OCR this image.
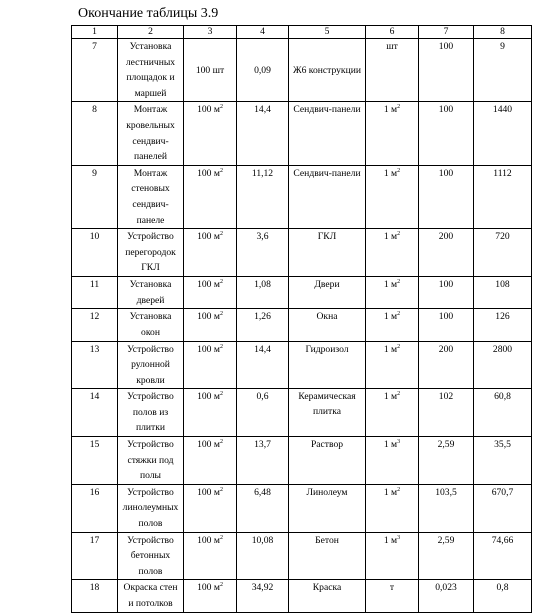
Окончание таблицы 3.9
1	2	3	4	5	6	7	8
7	Установка
лестничных
площадок и
маршей	100 шт	0,09	Ж6 конструкции	шт	100	9
8	Монтаж
кровельных
сендвич-
панелей	100 $м^2$	14,4	Сендвич-панели	1 $м^2$	100	1440
9	Монтаж
стеновых
сендвич-
панеле	100 $м^2$	11,12	Сендвич-панели	1 $м^2$	100	1112
10	Устройство
перегородок
ГКЛ	100 $м^2$	3,6	ГКЛ	1 $м^2$	200	720
11	Установка
дверей	100 $м^2$	1,08	Двери	1 $м^2$	100	108
12	Установка
окон	100 $м^2$	1,26	Окна	1 $м^2$	100	126
13	Устройство
рулонной
кровли	100 $м^2$	14,4	Гидроизол	1 $м^2$	200	2800
14	Устройство
полов из
плитки	100 $м^2$	0,6	Керамическая плитка	1 $м^2$	102	60,8
15	Устройство
стяжки под
полы	100 $м^2$	13,7	Раствор	1 $м^3$	2,59	35,5
16	Устройство
линолеумных
полов	100 $м^2$	6,48	Линолеум	1 $м^2$	103,5	670,7
17	Устройство
бетонных
полов	100 $м^2$	10,08	Бетон	1 $м^3$	2,59	74,66
18	Окраска стен
и потолков	100 $м^2$	34,92	Краска	т	0,023	0,8
